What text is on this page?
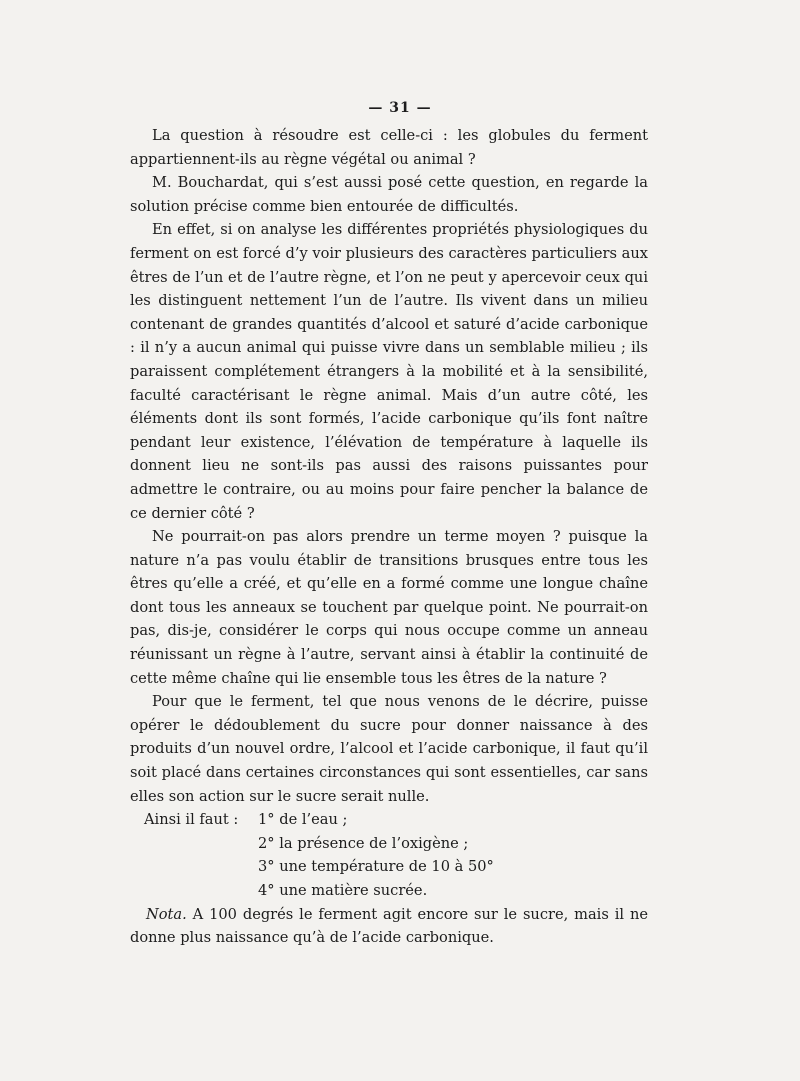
— 31 —

La question à résoudre est celle-ci : les globules du ferment appartiennent-ils au règne végétal ou animal ?

M. Bouchardat, qui s’est aussi posé cette question, en regarde la solution précise comme bien entourée de difficultés.

En effet, si on analyse les différentes propriétés physiologiques du ferment on est forcé d’y voir plusieurs des caractères particuliers aux êtres de l’un et de l’autre règne, et l’on ne peut y apercevoir ceux qui les distinguent nettement l’un de l’autre. Ils vivent dans un milieu contenant de grandes quantités d’alcool et saturé d’acide carbonique : il n’y a aucun animal qui puisse vivre dans un semblable milieu ; ils paraissent complétement étrangers à la mobilité et à la sensibilité, faculté caractérisant le règne animal. Mais d’un autre côté, les éléments dont ils sont formés, l’acide carbonique qu’ils font naître pendant leur existence, l’élévation de température à laquelle ils donnent lieu ne sont-ils pas aussi des raisons puissantes pour admettre le contraire, ou au moins pour faire pencher la balance de ce dernier côté ?

Ne pourrait-on pas alors prendre un terme moyen ? puisque la nature n’a pas voulu établir de transitions brusques entre tous les êtres qu’elle a créé, et qu’elle en a formé comme une longue chaîne dont tous les anneaux se touchent par quelque point. Ne pourrait-on pas, dis-je, considérer le corps qui nous occupe comme un anneau réunissant un règne à l’autre, servant ainsi à établir la continuité de cette même chaîne qui lie ensemble tous les êtres de la nature ?

Pour que le ferment, tel que nous venons de le décrire, puisse opérer le dédoublement du sucre pour donner naissance à des produits d’un nouvel ordre, l’alcool et l’acide carbonique, il faut qu’il soit placé dans certaines circonstances qui sont essentielles, car sans elles son action sur le sucre serait nulle.

Ainsi il faut :	1° de l’eau ;

2° la présence de l’oxigène ;

3° une température de 10 à 50°

4° une matière sucrée.

Nota. A 100 degrés le ferment agit encore sur le sucre, mais il ne donne plus naissance qu’à de l’acide carbonique.
